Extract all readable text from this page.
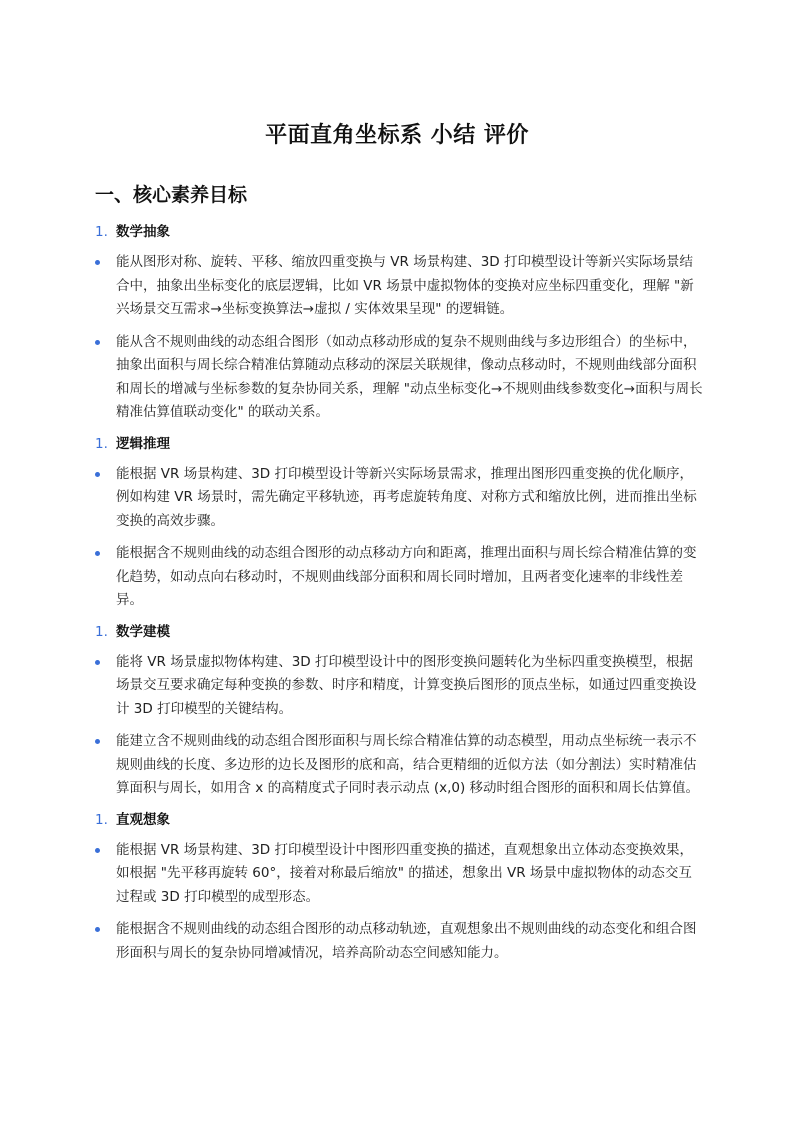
平面直角坐标系 小结 评价
一、核心素养目标
1. 数学抽象
能从图形对称、旋转、平移、缩放四重变换与 VR 场景构建、3D 打印模型设计等新兴实际场景结合中，抽象出坐标变化的底层逻辑，比如 VR 场景中虚拟物体的变换对应坐标四重变化，理解 "新兴场景交互需求→坐标变换算法→虚拟 / 实体效果呈现" 的逻辑链。
能从含不规则曲线的动态组合图形（如动点移动形成的复杂不规则曲线与多边形组合）的坐标中，抽象出面积与周长综合精准估算随动点移动的深层关联规律，像动点移动时，不规则曲线部分面积和周长的增减与坐标参数的复杂协同关系，理解 "动点坐标变化→不规则曲线参数变化→面积与周长精准估算值联动变化" 的联动关系。
1. 逻辑推理
能根据 VR 场景构建、3D 打印模型设计等新兴实际场景需求，推理出图形四重变换的优化顺序，例如构建 VR 场景时，需先确定平移轨迹，再考虑旋转角度、对称方式和缩放比例，进而推出坐标变换的高效步骤。
能根据含不规则曲线的动态组合图形的动点移动方向和距离，推理出面积与周长综合精准估算的变化趋势，如动点向右移动时，不规则曲线部分面积和周长同时增加，且两者变化速率的非线性差异。
1. 数学建模
能将 VR 场景虚拟物体构建、3D 打印模型设计中的图形变换问题转化为坐标四重变换模型，根据场景交互要求确定每种变换的参数、时序和精度，计算变换后图形的顶点坐标，如通过四重变换设计 3D 打印模型的关键结构。
能建立含不规则曲线的动态组合图形面积与周长综合精准估算的动态模型，用动点坐标统一表示不规则曲线的长度、多边形的边长及图形的底和高，结合更精细的近似方法（如分割法）实时精准估算面积与周长，如用含 x 的高精度式子同时表示动点 (x,0) 移动时组合图形的面积和周长估算值。
1. 直观想象
能根据 VR 场景构建、3D 打印模型设计中图形四重变换的描述，直观想象出立体动态变换效果，如根据 "先平移再旋转 60°，接着对称最后缩放" 的描述，想象出 VR 场景中虚拟物体的动态交互过程或 3D 打印模型的成型形态。
能根据含不规则曲线的动态组合图形的动点移动轨迹，直观想象出不规则曲线的动态变化和组合图形面积与周长的复杂协同增减情况，培养高阶动态空间感知能力。
